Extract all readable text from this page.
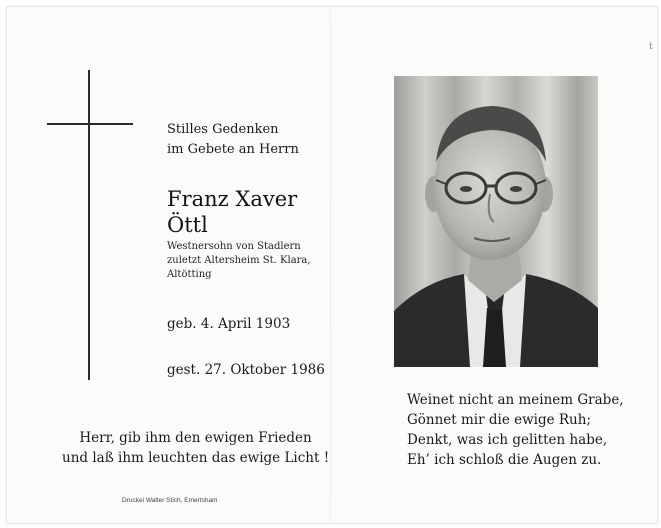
Stilles Gedenken
im Gebete an Herrn
Franz Xaver
Öttl
Westnersohn von Stadlern
zuletzt Altersheim St. Klara,
Altötting
geb. 4. April 1903
gest. 27. Oktober 1986
Herr, gib ihm den ewigen Frieden
und laß ihm leuchten das ewige Licht !
Druckei Walter Stich, Emertsham
Weinet nicht an meinem Grabe,
Gönnet mir die ewige Ruh;
Denkt, was ich gelitten habe,
Eh’ ich schloß die Augen zu.
t
